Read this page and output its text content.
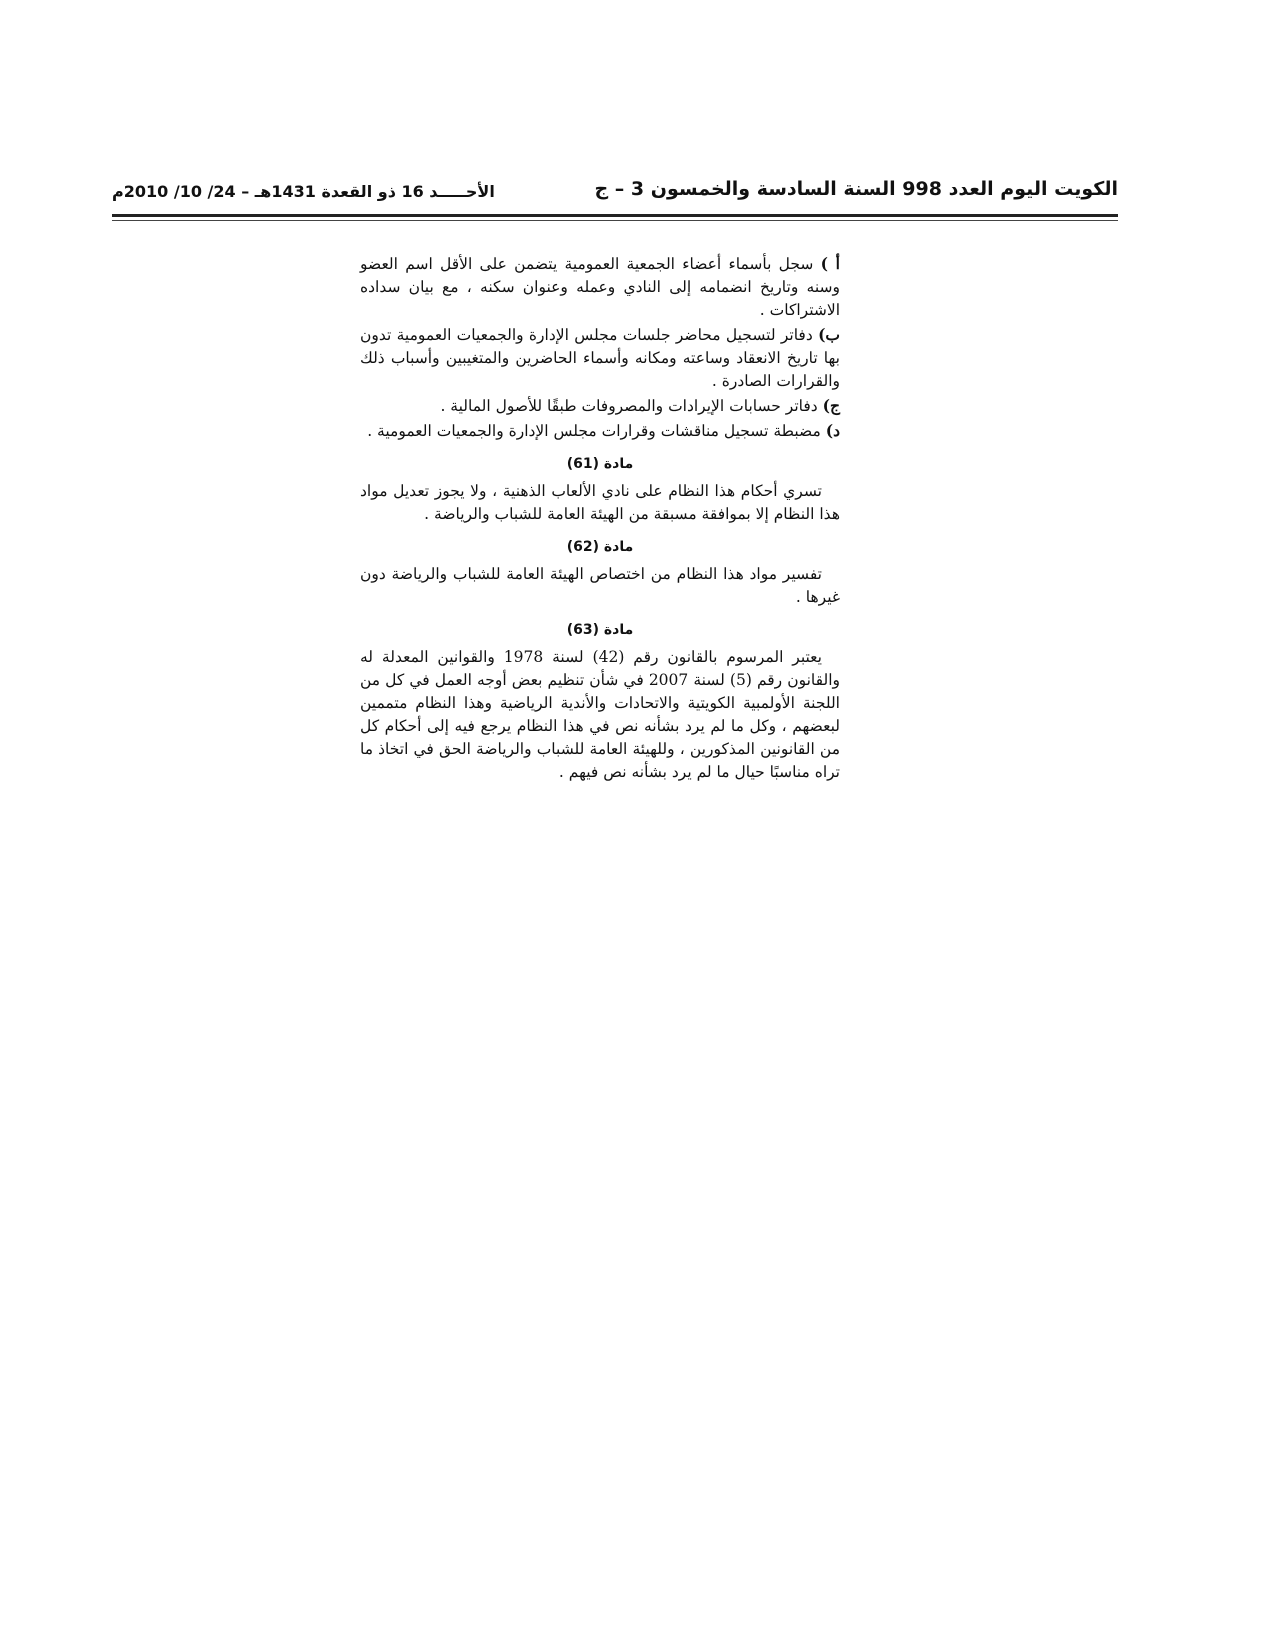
الكويت اليوم العدد 998 السنة السادسة والخمسون 3 – ج
الأحـــــد 16 ذو القعدة 1431هـ – 24/ 10/ 2010م
أ ) سجل بأسماء أعضاء الجمعية العمومية يتضمن على الأقل اسم العضو وسنه وتاريخ انضمامه إلى النادي وعمله وعنوان سكنه ، مع بيان سداده الاشتراكات .
ب) دفاتر لتسجيل محاضر جلسات مجلس الإدارة والجمعيات العمومية تدون بها تاريخ الانعقاد وساعته ومكانه وأسماء الحاضرين والمتغيبين وأسباب ذلك والقرارات الصادرة .
ج) دفاتر حسابات الإيرادات والمصروفات طبقًا للأصول المالية .
د) مضبطة تسجيل مناقشات وقرارات مجلس الإدارة والجمعيات العمومية .
مادة (61)

تسري أحكام هذا النظام على نادي الألعاب الذهنية ، ولا يجوز تعديل مواد هذا النظام إلا بموافقة مسبقة من الهيئة العامة للشباب والرياضة .

مادة (62)

تفسير مواد هذا النظام من اختصاص الهيئة العامة للشباب والرياضة دون غيرها .

مادة (63)

يعتبر المرسوم بالقانون رقم (42) لسنة 1978 والقوانين المعدلة له والقانون رقم (5) لسنة 2007 في شأن تنظيم بعض أوجه العمل في كل من اللجنة الأولمبية الكويتية والاتحادات والأندية الرياضية وهذا النظام متممين لبعضهم ، وكل ما لم يرد بشأنه نص في هذا النظام يرجع فيه إلى أحكام كل من القانونين المذكورين ، وللهيئة العامة للشباب والرياضة الحق في اتخاذ ما تراه مناسبًا حيال ما لم يرد بشأنه نص فيهم .
